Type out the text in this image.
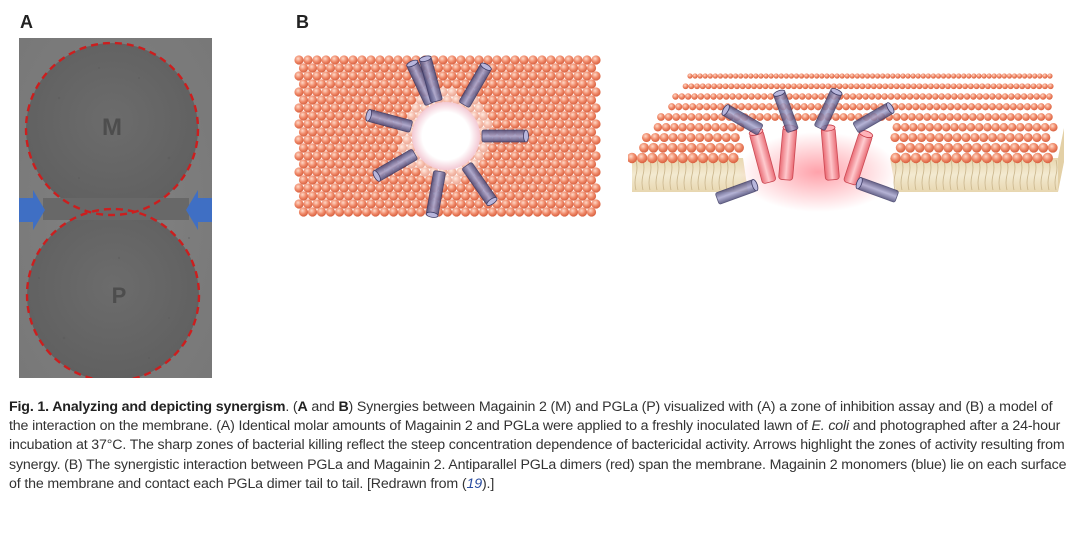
A	B
M
P
Fig. 1. Analyzing and depicting synergism. (A and B) Synergies between Magainin 2 (M) and PGLa (P) visualized with (A) a zone of inhibition assay and (B) a model of the interaction on the membrane. (A) Identical molar amounts of Magainin 2 and PGLa were applied to a freshly inoculated lawn of E. coli and photographed after a 24-hour incubation at 37°C. The sharp zones of bacterial killing reflect the steep concentration dependence of bactericidal activity. Arrows highlight the zones of activity resulting from synergy. (B) The synergistic interaction between PGLa and Magainin 2. Antiparallel PGLa dimers (red) span the membrane. Magainin 2 monomers (blue) lie on each surface of the membrane and contact each PGLa dimer tail to tail. [Redrawn from (19).]
